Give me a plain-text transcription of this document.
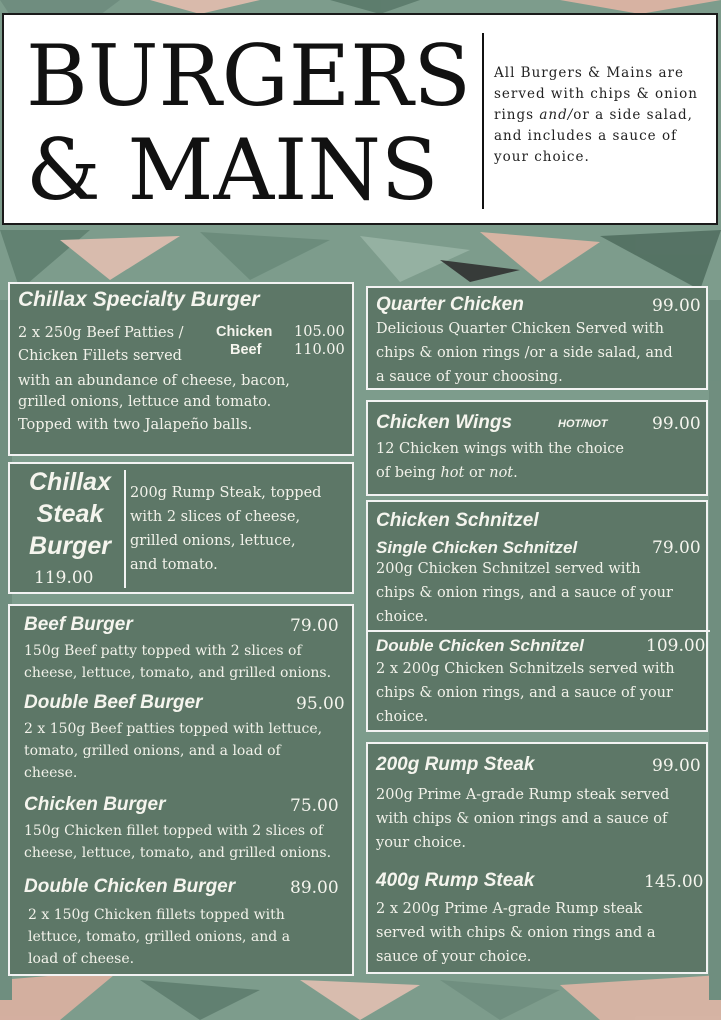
BURGERS
& MAINS
All Burgers & Mains are
served with chips & onion
rings and/or a side salad,
and includes a sauce of
your choice.
Chillax Specialty Burger
2 x 250g Beef Patties /
Chicken Fillets served
with an abundance of cheese, bacon,
grilled onions, lettuce and tomato.
Topped with two Jalapeño balls.
Chicken 105.00
Beef 110.00
Chillax
Steak
Burger
119.00
200g Rump Steak, topped
with 2 slices of cheese,
grilled onions, lettuce,
and tomato.
Beef Burger	79.00
150g Beef patty topped with 2 slices of
cheese, lettuce, tomato, and grilled onions.
Double Beef Burger	95.00
2 x 150g Beef patties topped with lettuce,
tomato, grilled onions, and a load of
cheese.
Chicken Burger	75.00
150g Chicken fillet topped with 2 slices of
cheese, lettuce, tomato, and grilled onions.
Double Chicken Burger	89.00
2 x 150g Chicken fillets topped with
lettuce, tomato, grilled onions, and a
load of cheese.
Quarter Chicken	99.00
Delicious Quarter Chicken Served with
chips & onion rings /or a side salad, and
a sauce of your choosing.
Chicken Wings	HOT/NOT	99.00
12 Chicken wings with the choice
of being hot or not.
Chicken Schnitzel
Single Chicken Schnitzel	79.00
200g Chicken Schnitzel served with
chips & onion rings, and a sauce of your
choice.
Double Chicken Schnitzel	109.00
2 x 200g Chicken Schnitzels served with
chips & onion rings, and a sauce of your
choice.
200g Rump Steak	99.00
200g Prime A-grade Rump steak served
with chips & onion rings and a sauce of
your choice.
400g Rump Steak	145.00
2 x 200g Prime A-grade Rump steak
served with chips & onion rings and a
sauce of your choice.
